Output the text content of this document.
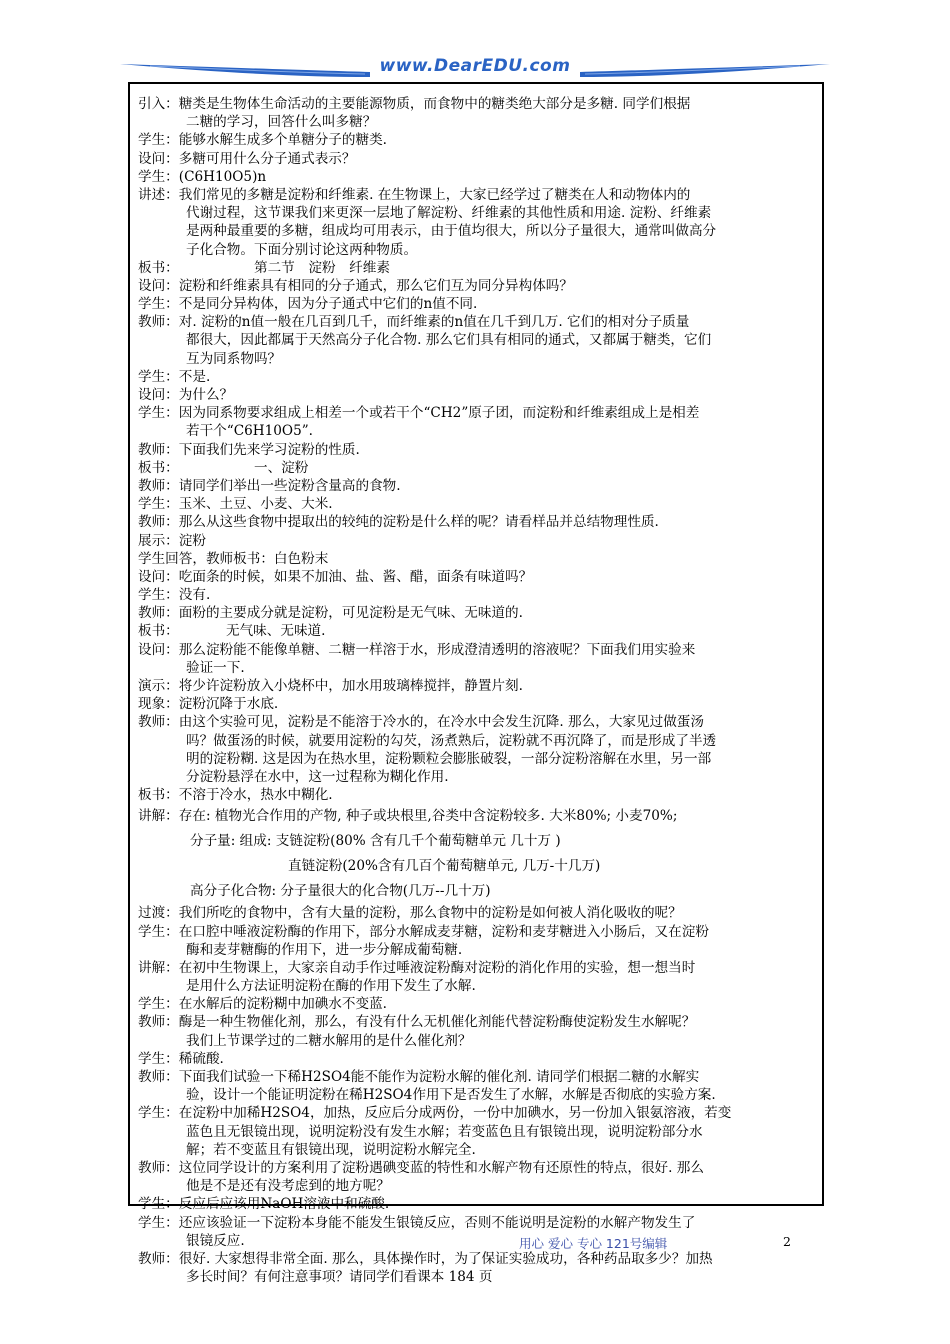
www.DearEDU.com
引入：糖类是生物体生命活动的主要能源物质，而食物中的糖类绝大部分是多糖. 同学们根据
二糖的学习，回答什么叫多糖？
学生：能够水解生成多个单糖分子的糖类.
设问：多糖可用什么分子通式表示？
学生：(C6H10O5)n
讲述：我们常见的多糖是淀粉和纤维素. 在生物课上，大家已经学过了糖类在人和动物体内的
代谢过程，这节课我们来更深一层地了解淀粉、纤维素的其他性质和用途. 淀粉、纤维素
是两种最重要的多糖，组成均可用表示，由于值均很大，所以分子量很大，通常叫做高分
子化合物。下面分别讨论这两种物质。
板书：	第二节　淀粉　纤维素
设问：淀粉和纤维素具有相同的分子通式，那么它们互为同分异构体吗？
学生：不是同分异构体，因为分子通式中它们的n值不同.
教师：对. 淀粉的n值一般在几百到几千，而纤维素的n值在几千到几万. 它们的相对分子质量
都很大，因此都属于天然高分子化合物. 那么它们具有相同的通式，又都属于糖类，它们
互为同系物吗？
学生：不是.
设问：为什么？
学生：因为同系物要求组成上相差一个或若干个“CH2”原子团，而淀粉和纤维素组成上是相差
若干个“C6H10O5”.
教师：下面我们先来学习淀粉的性质.
板书：	一、淀粉
教师：请同学们举出一些淀粉含量高的食物.
学生：玉米、土豆、小麦、大米.
教师：那么从这些食物中提取出的较纯的淀粉是什么样的呢？请看样品并总结物理性质.
展示：淀粉
学生回答，教师板书：白色粉末
设问：吃面条的时候，如果不加油、盐、酱、醋，面条有味道吗？
学生：没有.
教师：面粉的主要成分就是淀粉，可见淀粉是无气味、无味道的.
板书：	无气味、无味道.
设问：那么淀粉能不能像单糖、二糖一样溶于水，形成澄清透明的溶液呢？下面我们用实验来
验证一下.
演示：将少许淀粉放入小烧杯中，加水用玻璃棒搅拌，静置片刻.
现象：淀粉沉降于水底.
教师：由这个实验可见，淀粉是不能溶于冷水的，在冷水中会发生沉降. 那么，大家见过做蛋汤
吗？做蛋汤的时候，就要用淀粉的勾芡，汤煮熟后，淀粉就不再沉降了，而是形成了半透
明的淀粉糊. 这是因为在热水里，淀粉颗粒会膨胀破裂，一部分淀粉溶解在水里，另一部
分淀粉悬浮在水中，这一过程称为糊化作用.
板书：不溶于冷水，热水中糊化.
讲解：存在: 植物光合作用的产物, 种子或块根里,谷类中含淀粉较多. 大米80%; 小麦70%;
分子量: 组成: 支链淀粉(80% 含有几千个葡萄糖单元 几十万 )
直链淀粉(20%含有几百个葡萄糖单元, 几万-十几万)
高分子化合物: 分子量很大的化合物(几万--几十万)
过渡：我们所吃的食物中，含有大量的淀粉，那么食物中的淀粉是如何被人消化吸收的呢？
学生：在口腔中唾液淀粉酶的作用下，部分水解成麦芽糖，淀粉和麦芽糖进入小肠后，又在淀粉
酶和麦芽糖酶的作用下，进一步分解成葡萄糖.
讲解：在初中生物课上，大家亲自动手作过唾液淀粉酶对淀粉的消化作用的实验，想一想当时
是用什么方法证明淀粉在酶的作用下发生了水解.
学生：在水解后的淀粉糊中加碘水不变蓝.
教师：酶是一种生物催化剂，那么，有没有什么无机催化剂能代替淀粉酶使淀粉发生水解呢？
我们上节课学过的二糖水解用的是什么催化剂？
学生：稀硫酸.
教师：下面我们试验一下稀H2SO4能不能作为淀粉水解的催化剂. 请同学们根据二糖的水解实
验，设计一个能证明淀粉在稀H2SO4作用下是否发生了水解，水解是否彻底的实验方案.
学生：在淀粉中加稀H2SO4，加热，反应后分成两份，一份中加碘水，另一份加入银氨溶液，若变
蓝色且无银镜出现，说明淀粉没有发生水解；若变蓝色且有银镜出现，说明淀粉部分水
解；若不变蓝且有银镜出现，说明淀粉水解完全.
教师：这位同学设计的方案利用了淀粉遇碘变蓝的特性和水解产物有还原性的特点，很好. 那么
他是不是还有没考虑到的地方呢？
学生：反应后应该用NaOH溶液中和硫酸.
学生：还应该验证一下淀粉本身能不能发生银镜反应，否则不能说明是淀粉的水解产物发生了
银镜反应.
教师：很好. 大家想得非常全面. 那么，具体操作时，为了保证实验成功，各种药品取多少？加热
多长时间？有何注意事项？请同学们看课本 184 页
用心 爱心 专心 121号编辑	2
